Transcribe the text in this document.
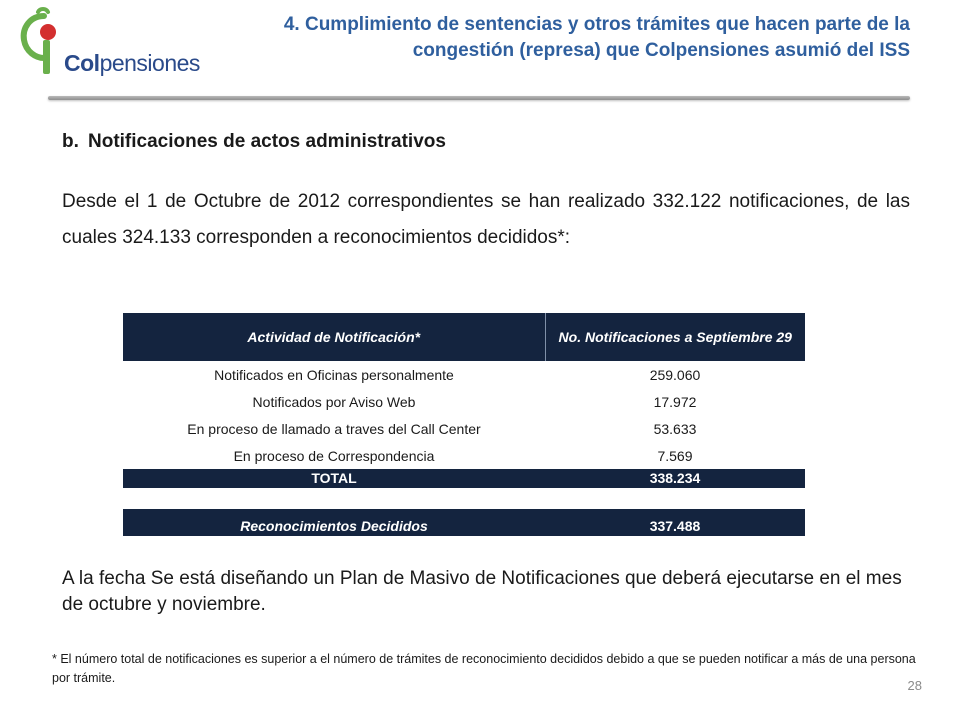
Colpensiones
4. Cumplimiento de sentencias y otros trámites que hacen parte de la congestión (represa) que Colpensiones asumió del ISS
b. Notificaciones de actos administrativos
Desde el 1 de Octubre de 2012 correspondientes se han realizado 332.122 notificaciones, de las cuales 324.133 corresponden a reconocimientos decididos*:
Actividad de Notificación*	No. Notificaciones a Septiembre 29
Notificados en Oficinas personalmente	259.060
Notificados por Aviso Web	17.972
En proceso de llamado a traves del Call Center	53.633
En proceso de Correspondencia	7.569
TOTAL	338.234

Reconocimientos Decididos	337.488
A la fecha Se está diseñando un Plan de Masivo de Notificaciones que deberá ejecutarse en el mes de octubre y noviembre.
* El número total de notificaciones es superior a el número de trámites de reconocimiento decididos debido a que se pueden notificar a más de una persona por trámite.	28
